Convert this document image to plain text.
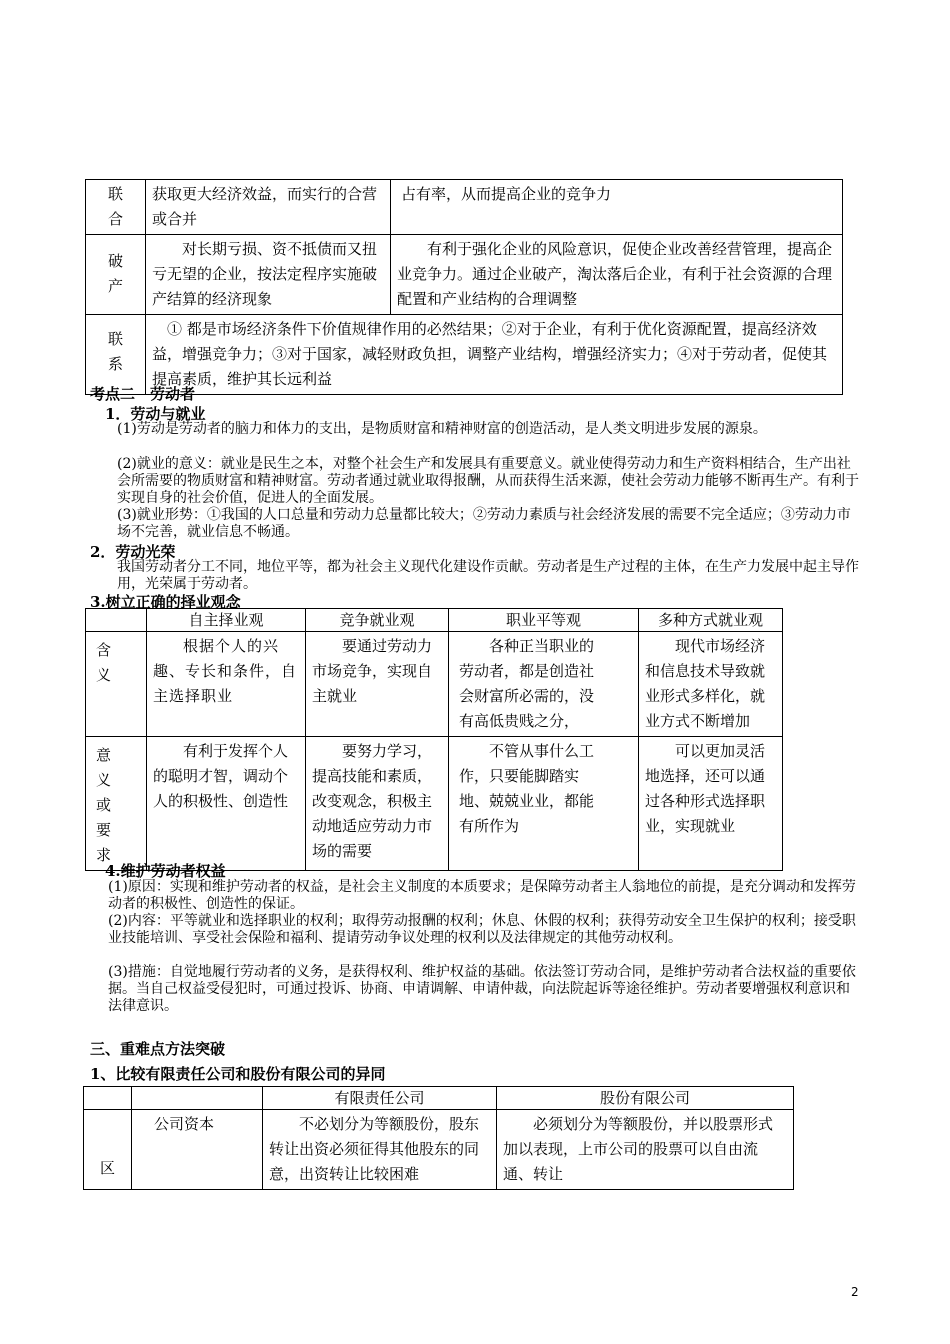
联合	获取更大经济效益，而实行的合营或合并	占有率，从而提高企业的竞争力
破产	对长期亏损、资不抵债而又扭亏无望的企业，按法定程序实施破产结算的经济现象	有利于强化企业的风险意识，促使企业改善经营管理，提高企业竞争力。通过企业破产，淘汰落后企业，有利于社会资源的合理配置和产业结构的合理调整
联系	① 都是市场经济条件下价值规律作用的必然结果；②对于企业，有利于优化资源配置，提高经济效益，增强竞争力；③对于国家，减轻财政负担，调整产业结构，增强经济实力；④对于劳动者，促使其提高素质，维护其长远利益	
考点二　劳动者
1．劳动与就业
(1)劳动是劳动者的脑力和体力的支出，是物质财富和精神财富的创造活动，是人类文明进步发展的源泉。
(2)就业的意义：就业是民生之本，对整个社会生产和发展具有重要意义。就业使得劳动力和生产资料相结合，生产出社会所需要的物质财富和精神财富。劳动者通过就业取得报酬，从而获得生活来源，使社会劳动力能够不断再生产。有利于实现自身的社会价值，促进人的全面发展。
(3)就业形势：①我国的人口总量和劳动力总量都比较大；②劳动力素质与社会经济发展的需要不完全适应；③劳动力市场不完善，就业信息不畅通。
2．劳动光荣
我国劳动者分工不同，地位平等，都为社会主义现代化建设作贡献。劳动者是生产过程的主体，在生产力发展中起主导作用，光荣属于劳动者。
3.树立正确的择业观念
	自主择业观	竞争就业观	职业平等观	多种方式就业观
含义	根据个人的兴趣、专长和条件，自主选择职业	要通过劳动力市场竞争，实现自主就业	各种正当职业的劳动者，都是创造社会财富所必需的，没有高低贵贱之分，	现代市场经济和信息技术导致就业形式多样化，就业方式不断增加
意义或要求	有利于发挥个人的聪明才智，调动个人的积极性、创造性	要努力学习，提高技能和素质，改变观念，积极主动地适应劳动力市场的需要	不管从事什么工作，只要能脚踏实地、兢兢业业，都能有所作为	可以更加灵活地选择，还可以通过各种形式选择职业，实现就业
4.维护劳动者权益
(1)原因：实现和维护劳动者的权益，是社会主义制度的本质要求；是保障劳动者主人翁地位的前提，是充分调动和发挥劳动者的积极性、创造性的保证。
(2)内容：平等就业和选择职业的权利；取得劳动报酬的权利；休息、休假的权利；获得劳动安全卫生保护的权利；接受职业技能培训、享受社会保险和福利、提请劳动争议处理的权利以及法律规定的其他劳动权利。
(3)措施：自觉地履行劳动者的义务，是获得权利、维护权益的基础。依法签订劳动合同，是维护劳动者合法权益的重要依据。当自己权益受侵犯时，可通过投诉、协商、申请调解、申请仲裁，向法院起诉等途径维护。劳动者要增强权利意识和法律意识。
三、重难点方法突破
1、比较有限责任公司和股份有限公司的异同
		有限责任公司	股份有限公司
区	公司资本	不必划分为等额股份，股东转让出资必须征得其他股东的同意，出资转让比较困难	必须划分为等额股份，并以股票形式加以表现，上市公司的股票可以自由流通、转让
2
